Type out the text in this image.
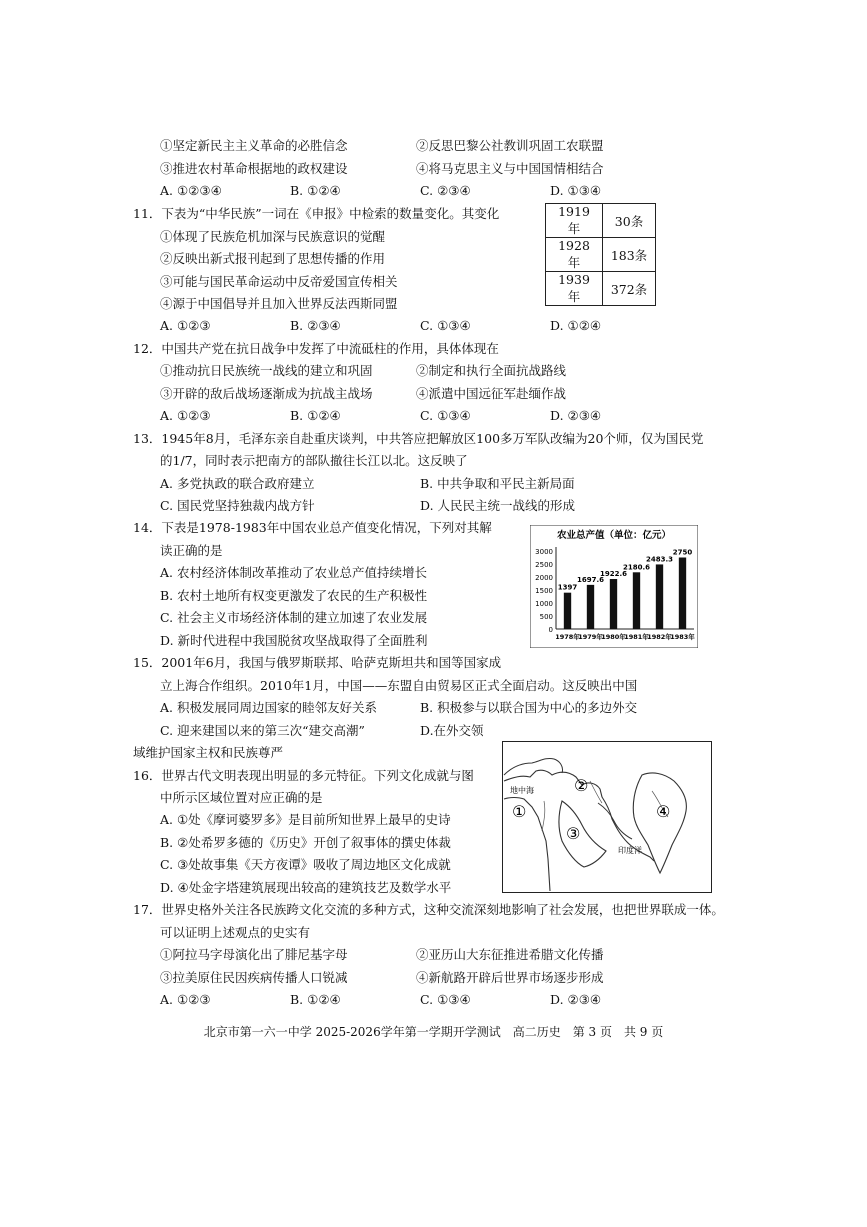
①坚定新民主主义革命的必胜信念	②反思巴黎公社教训巩固工农联盟
③推进农村革命根据地的政权建设	④将马克思主义与中国国情相结合
A. ①②③④	B. ①②④	C. ②③④	D. ①③④
11．下表为“中华民族”一词在《申报》中检索的数量变化。其变化
①体现了民族危机加深与民族意识的觉醒
②反映出新式报刊起到了思想传播的作用
③可能与国民革命运动中反帝爱国宣传相关
④源于中国倡导并且加入世界反法西斯同盟
A. ①②③	B. ②③④	C. ①③④	D. ①②④
1919年	30条
1928年	183条
1939年	372条
12．中国共产党在抗日战争中发挥了中流砥柱的作用，具体体现在
①推动抗日民族统一战线的建立和巩固	②制定和执行全面抗战路线
③开辟的敌后战场逐渐成为抗战主战场	④派遣中国远征军赴缅作战
A. ①②③	B. ①②④	C. ①③④	D. ②③④
13．1945年8月，毛泽东亲自赴重庆谈判，中共答应把解放区100多万军队改编为20个师，仅为国民党
的1/7，同时表示把南方的部队撤往长江以北。这反映了
A. 多党执政的联合政府建立	B. 中共争取和平民主新局面
C. 国民党坚持独裁内战方针	D. 人民民主统一战线的形成
14．下表是1978-1983年中国农业总产值变化情况，下列对其解
读正确的是
A. 农村经济体制改革推动了农业总产值持续增长
B. 农村土地所有权变更激发了农民的生产积极性
C. 社会主义市场经济体制的建立加速了农业发展
D. 新时代进程中我国脱贫攻坚战取得了全面胜利
农业总产值（单位：亿元）
0
500
1000
1500
2000
2500
3000
1397
1978年
1697.6
1979年
1922.6
1980年
2180.6
1981年
2483.3
1982年
2750
1983年
15．2001年6月，我国与俄罗斯联邦、哈萨克斯坦共和国等国家成
立上海合作组织。2010年1月，中国——东盟自由贸易区正式全面启动。这反映出中国
A. 积极发展同周边国家的睦邻友好关系	B. 积极参与以联合国为中心的多边外交
C. 迎来建国以来的第三次“建交高潮”	D.在外交领
域维护国家主权和民族尊严
16．世界古代文明表现出明显的多元特征。下列文化成就与图
中所示区域位置对应正确的是
A. ①处《摩诃婆罗多》是目前所知世界上最早的史诗
B. ②处希罗多德的《历史》开创了叙事体的撰史体裁
C. ③处故事集《天方夜谭》吸收了周边地区文化成就
D. ④处金字塔建筑展现出较高的建筑技艺及数学水平
地中海
印度洋
①
②
③
④
17．世界史格外关注各民族跨文化交流的多种方式，这种交流深刻地影响了社会发展，也把世界联成一体。
可以证明上述观点的史实有
①阿拉马字母演化出了腓尼基字母	②亚历山大东征推进希腊文化传播
③拉美原住民因疾病传播人口锐减	④新航路开辟后世界市场逐步形成
A. ①②③	B. ①②④	C. ①③④	D. ②③④
北京市第一六一中学 2025-2026学年第一学期开学测试　高二历史　第 3 页　共 9 页
